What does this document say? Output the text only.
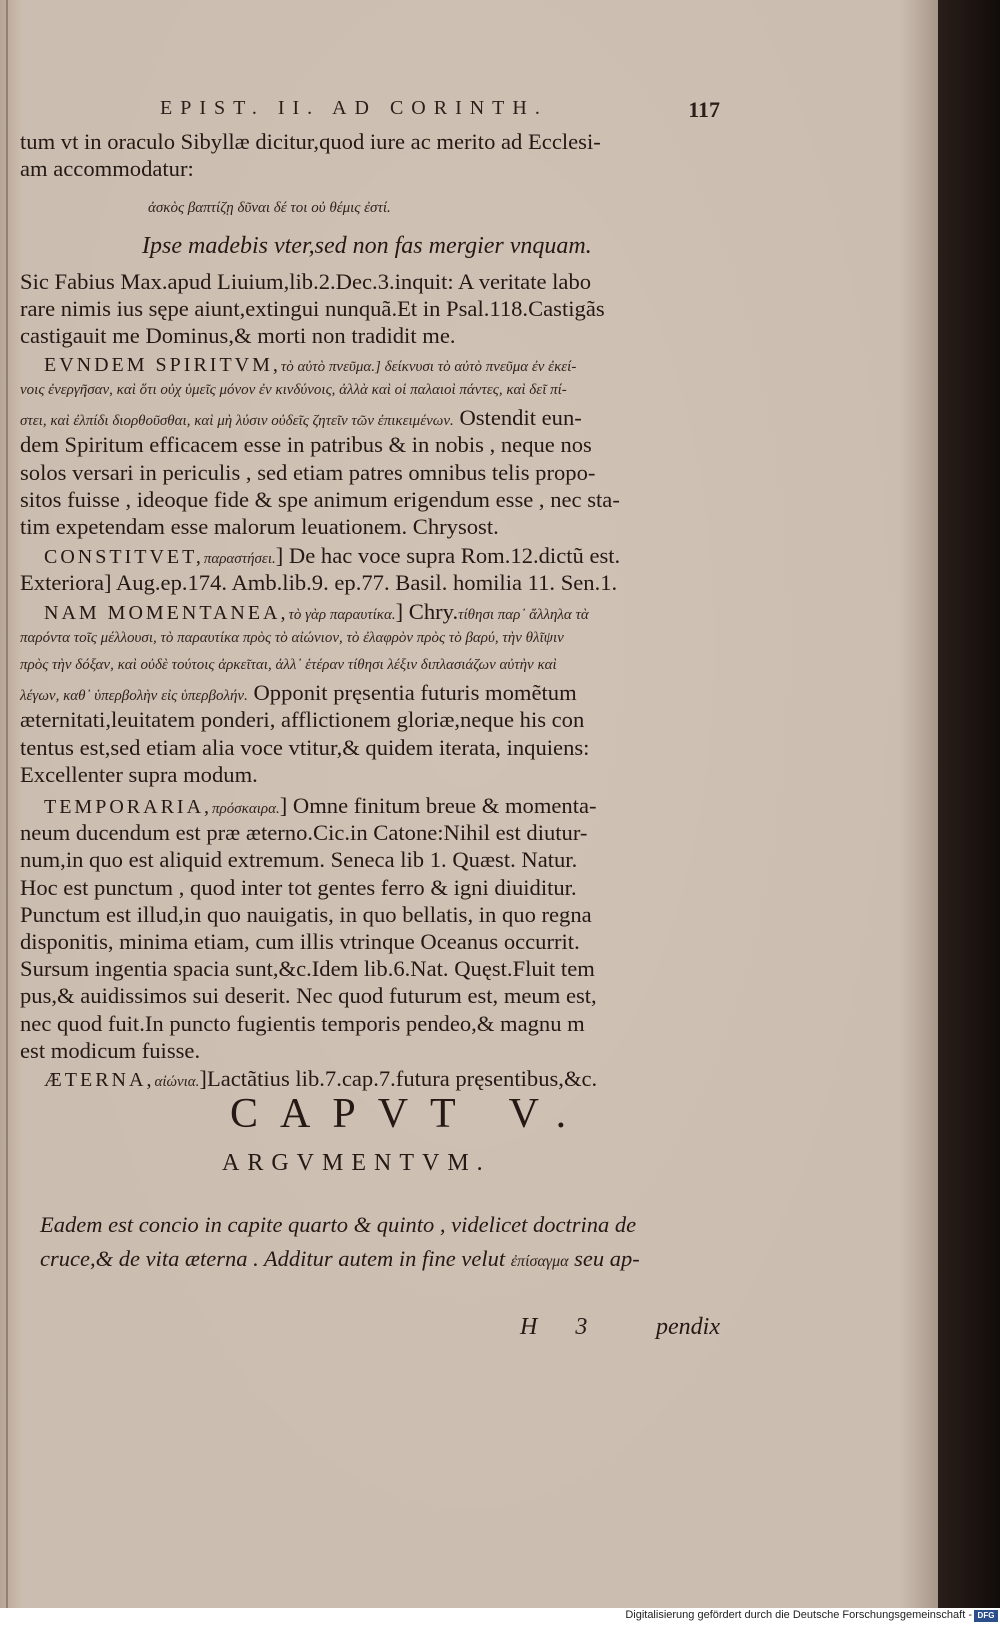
EPIST. II. AD CORINTH.	117
tum vt in oraculo Sibyllæ dicitur,quod iure ac merito ad Ecclesi-
am accommodatur:
ἀσκὸς βαπτίζῃ δῦναι δέ τοι οὐ θέμις ἐστί.
Ipse madebis vter,sed non fas mergier vnquam.
Sic Fabius Max.apud Liuium,lib.2.Dec.3.inquit: A veritate labo
rare nimis ius sępe aiunt,extingui nunquã.Et in Psal.118.Castigãs
castigauit me Dominus,& morti non tradidit me.
EVNDEM SPIRITVM,τὸ αὐτὸ πνεῦμα.] δείκνυσι τὸ αὐτὸ πνεῦμα ἐν ἐκεί-
νοις ἐνεργῆσαν, καὶ ὅτι οὐχ ὑμεῖς μόνον ἐν κινδύνοις, ἀλλὰ καὶ οἱ παλαιοὶ πάντες, καὶ δεῖ πί-
στει, καὶ ἐλπίδι διορθοῦσθαι, καὶ μὴ λύσιν οὐδεῖς ζητεῖν τῶν ἐπικειμένων. Ostendit eun-
dem Spiritum efficacem esse in patribus & in nobis , neque nos
solos versari in periculis , sed etiam patres omnibus telis propo-
sitos fuisse , ideoque fide & spe animum erigendum esse , nec sta-
tim expetendam esse malorum leuationem. Chrysost.
CONSTITVET,παραστήσει.] De hac voce supra Rom.12.dictũ est.
Exteriora] Aug.ep.174. Amb.lib.9. ep.77. Basil. homilia 11. Sen.1.
NAM MOMENTANEA,τὸ γὰρ παραυτίκα.] Chry.τίθησι παρ᾽ ἄλληλα τὰ
παρόντα τοῖς μέλλουσι, τὸ παραυτίκα πρὸς τὸ αἰώνιον, τὸ ἐλαφρὸν πρὸς τὸ βαρύ, τὴν θλῖψιν
πρὸς τὴν δόξαν, καὶ οὐδὲ τούτοις ἀρκεῖται, ἀλλ᾽ ἑτέραν τίθησι λέξιν διπλασιάζων αὐτὴν καὶ
λέγων, καθ᾽ ὑπερβολὴν εἰς ὑπερβολήν. Opponit pręsentia futuris momẽtum
æternitati,leuitatem ponderi, afflictionem gloriæ,neque his con
tentus est,sed etiam alia voce vtitur,& quidem iterata, inquiens:
Excellenter supra modum.
TEMPORARIA,πρόσκαιρα.] Omne finitum breue & momenta-
neum ducendum est præ æterno.Cic.in Catone:Nihil est diutur-
num,in quo est aliquid extremum. Seneca lib 1. Quæst. Natur.
Hoc est punctum , quod inter tot gentes ferro & igni diuiditur.
Punctum est illud,in quo nauigatis, in quo bellatis, in quo regna
disponitis, minima etiam, cum illis vtrinque Oceanus occurrit.
Sursum ingentia spacia sunt,&c.Idem lib.6.Nat. Quęst.Fluit tem
pus,& auidissimos sui deserit. Nec quod futurum est, meum est,
nec quod fuit.In puncto fugientis temporis pendeo,& magnu m
est modicum fuisse.
ÆTERNA,αἰώνια.]Lactãtius lib.7.cap.7.futura pręsentibus,&c.
CAPVT V.
ARGVMENTVM.
Eadem est concio in capite quarto & quinto , videlicet doctrina de
cruce,& de vita æterna . Additur autem in fine velut ἐπίσαγμα seu ap-
H 3	pendix
Digitalisierung gefördert durch die Deutsche Forschungsgemeinschaft - DFG
